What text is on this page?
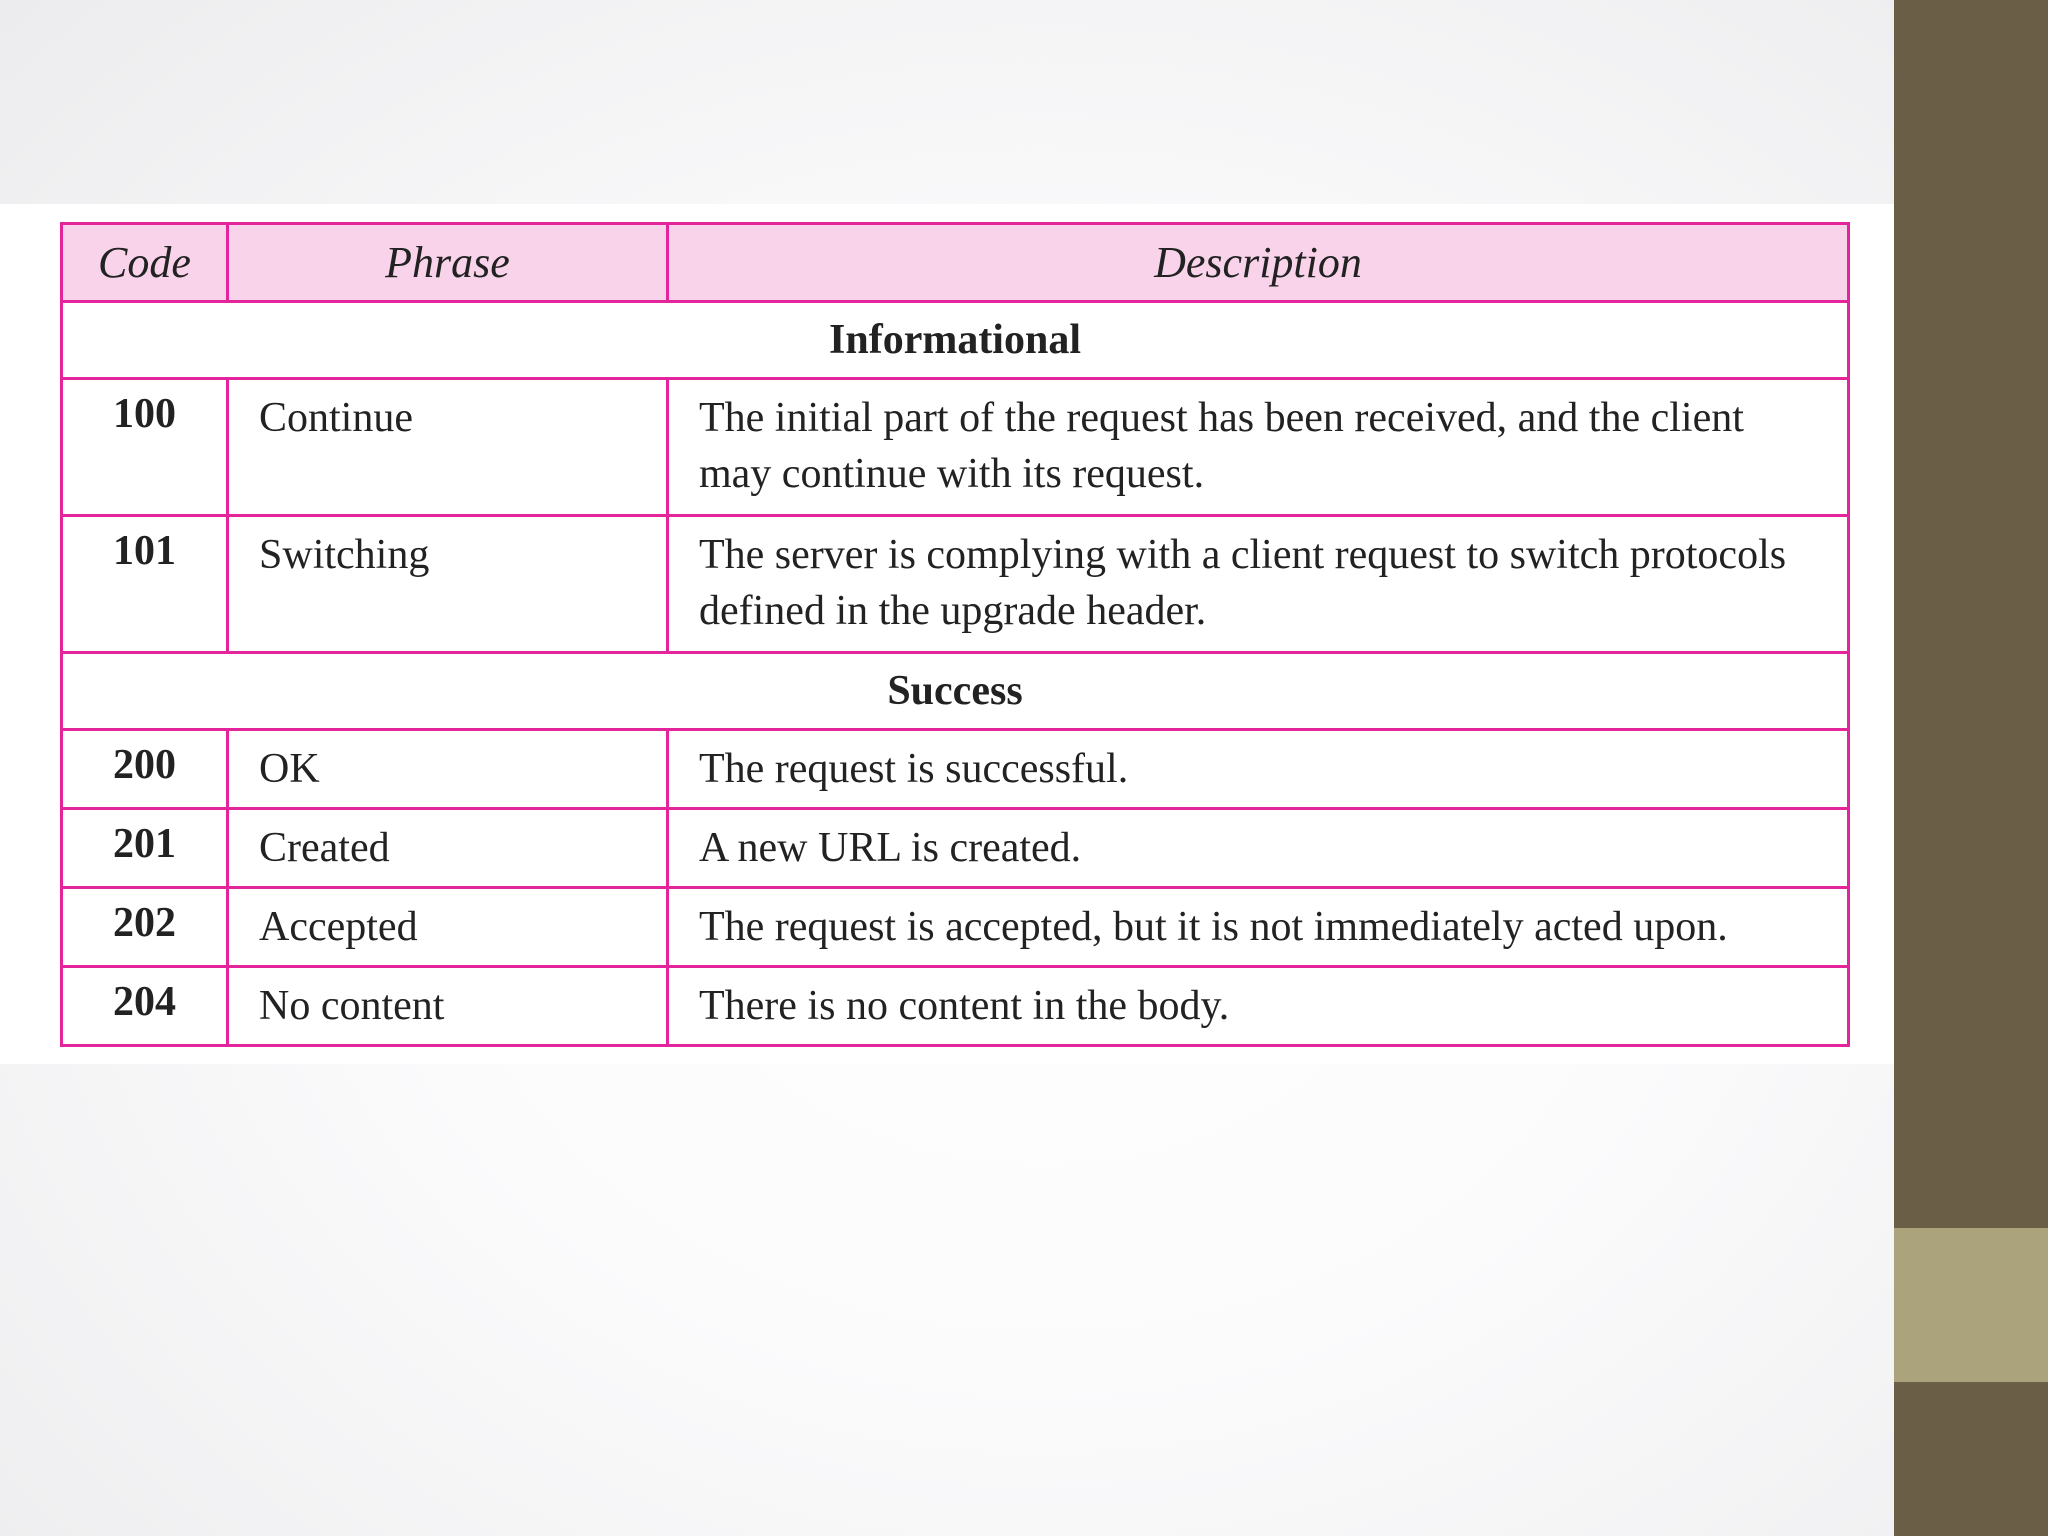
Code	Phrase	Description
Informational		
100	Continue	The initial part of the request has been received, and the client may continue with its request.
101	Switching	The server is complying with a client request to switch protocols defined in the upgrade header.
Success		
200	OK	The request is successful.
201	Created	A new URL is created.
202	Accepted	The request is accepted, but it is not immediately acted upon.
204	No content	There is no content in the body.
